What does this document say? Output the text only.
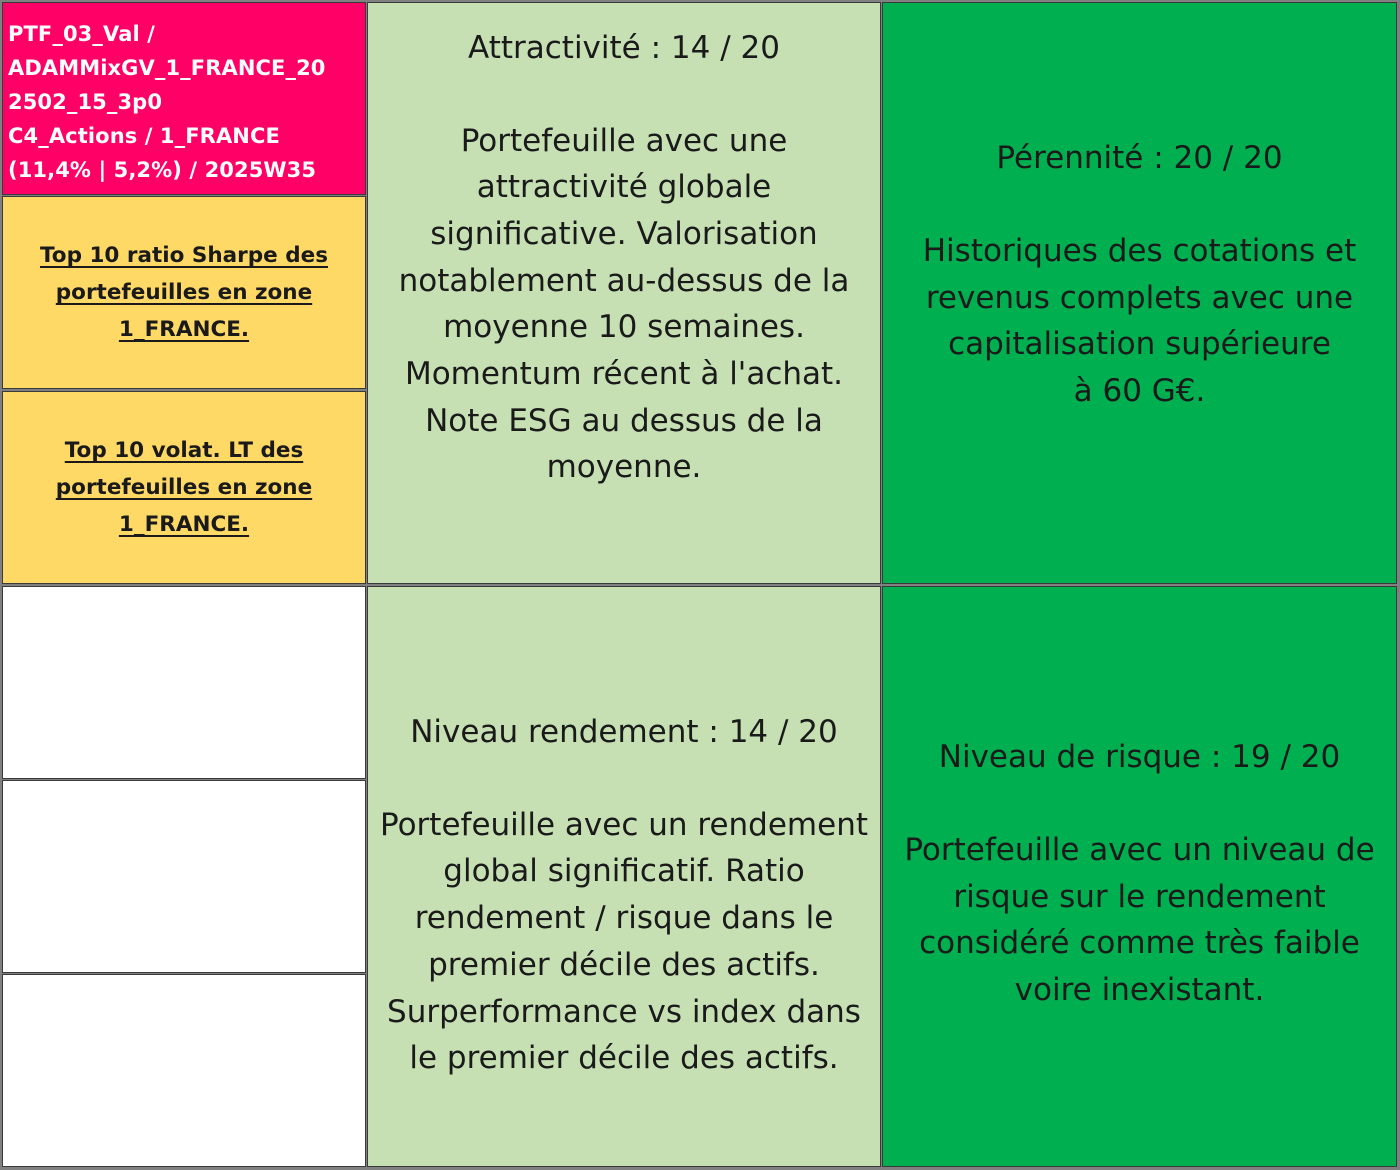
PTF_03_Val /
ADAMMixGV_1_FRANCE_20
2502_15_3p0
C4_Actions / 1_FRANCE
(11,4% | 5,2%) / 2025W35
Top 10 ratio Sharpe des
portefeuilles en zone
1_FRANCE.
Top 10 volat. LT des
portefeuilles en zone
1_FRANCE.
Attractivité : 14 / 20
Portefeuille avec une
attractivité globale
significative. Valorisation
notablement au-dessus de la
moyenne 10 semaines.
Momentum récent à l'achat.
Note ESG au dessus de la
moyenne.
Pérennité : 20 / 20
Historiques des cotations et
revenus complets avec une
capitalisation supérieure
à 60 G€.
Niveau rendement : 14 / 20
Portefeuille avec un rendement
global significatif. Ratio
rendement / risque dans le
premier décile des actifs.
Surperformance vs index dans
le premier décile des actifs.
Niveau de risque : 19 / 20
Portefeuille avec un niveau de
risque sur le rendement
considéré comme très faible
voire inexistant.
